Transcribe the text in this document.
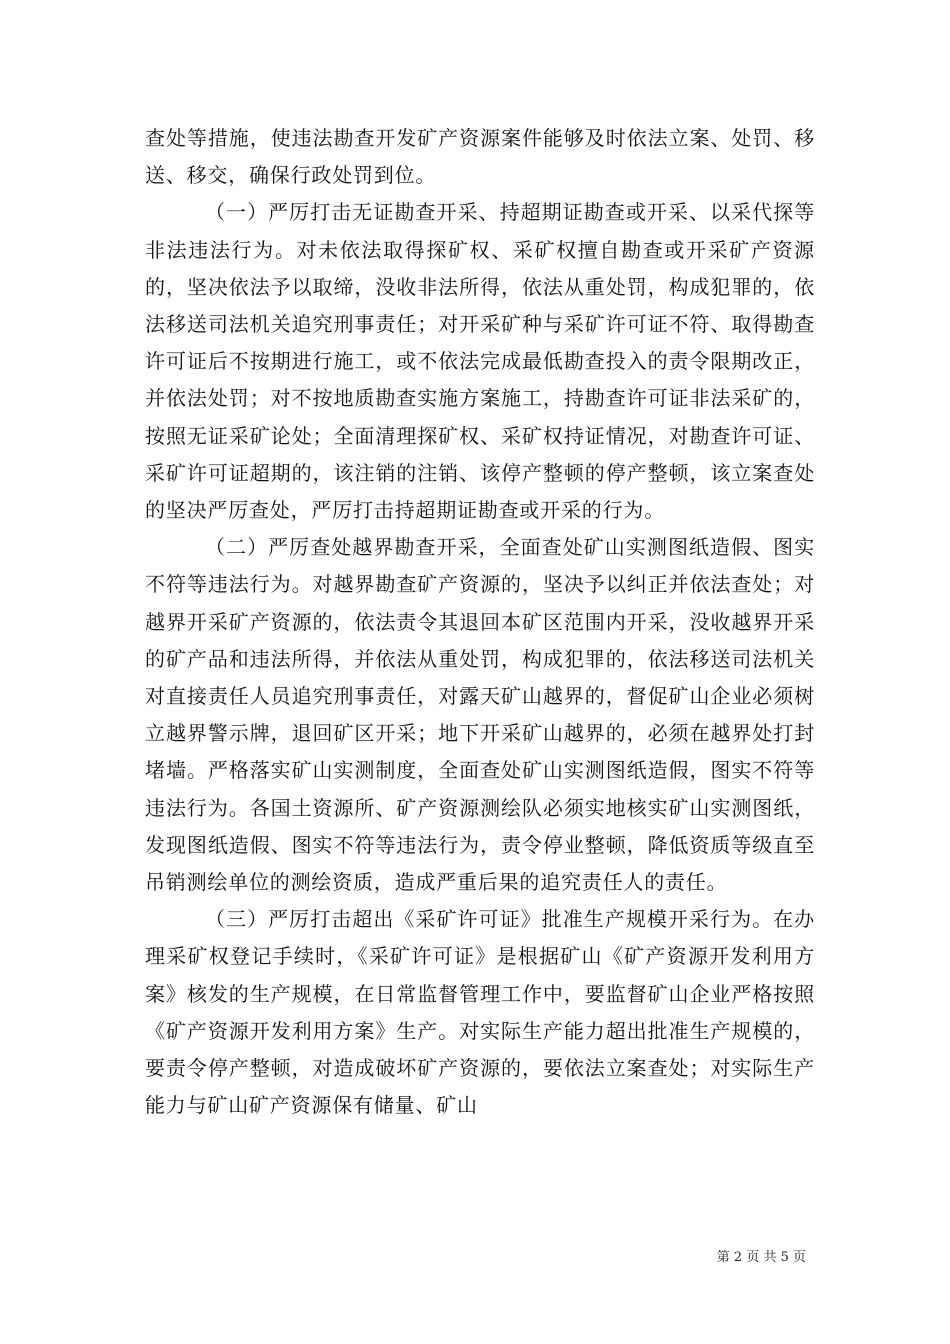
查处等措施，使违法勘查开发矿产资源案件能够及时依法立案、处罚、移送、移交，确保行政处罚到位。

（一）严厉打击无证勘查开采、持超期证勘查或开采、以采代探等非法违法行为。对未依法取得探矿权、采矿权擅自勘查或开采矿产资源的，坚决依法予以取缔，没收非法所得，依法从重处罚，构成犯罪的，依法移送司法机关追究刑事责任；对开采矿种与采矿许可证不符、取得勘查许可证后不按期进行施工，或不依法完成最低勘查投入的责令限期改正，并依法处罚；对不按地质勘查实施方案施工，持勘查许可证非法采矿的，按照无证采矿论处；全面清理探矿权、采矿权持证情况，对勘查许可证、采矿许可证超期的，该注销的注销、该停产整顿的停产整顿，该立案查处的坚决严厉查处，严厉打击持超期证勘查或开采的行为。

（二）严厉查处越界勘查开采，全面查处矿山实测图纸造假、图实不符等违法行为。对越界勘查矿产资源的，坚决予以纠正并依法查处；对越界开采矿产资源的，依法责令其退回本矿区范围内开采，没收越界开采的矿产品和违法所得，并依法从重处罚，构成犯罪的，依法移送司法机关对直接责任人员追究刑事责任，对露天矿山越界的，督促矿山企业必须树立越界警示牌，退回矿区开采；地下开采矿山越界的，必须在越界处打封堵墙。严格落实矿山实测制度，全面查处矿山实测图纸造假，图实不符等违法行为。各国土资源所、矿产资源测绘队必须实地核实矿山实测图纸，发现图纸造假、图实不符等违法行为，责令停业整顿，降低资质等级直至吊销测绘单位的测绘资质，造成严重后果的追究责任人的责任。

（三）严厉打击超出《采矿许可证》批准生产规模开采行为。在办理采矿权登记手续时，《采矿许可证》是根据矿山《矿产资源开发利用方案》核发的生产规模，在日常监督管理工作中，要监督矿山企业严格按照《矿产资源开发利用方案》生产。对实际生产能力超出批准生产规模的，要责令停产整顿，对造成破坏矿产资源的，要依法立案查处；对实际生产能力与矿山矿产资源保有储量、矿山

第 2 页 共 5 页
